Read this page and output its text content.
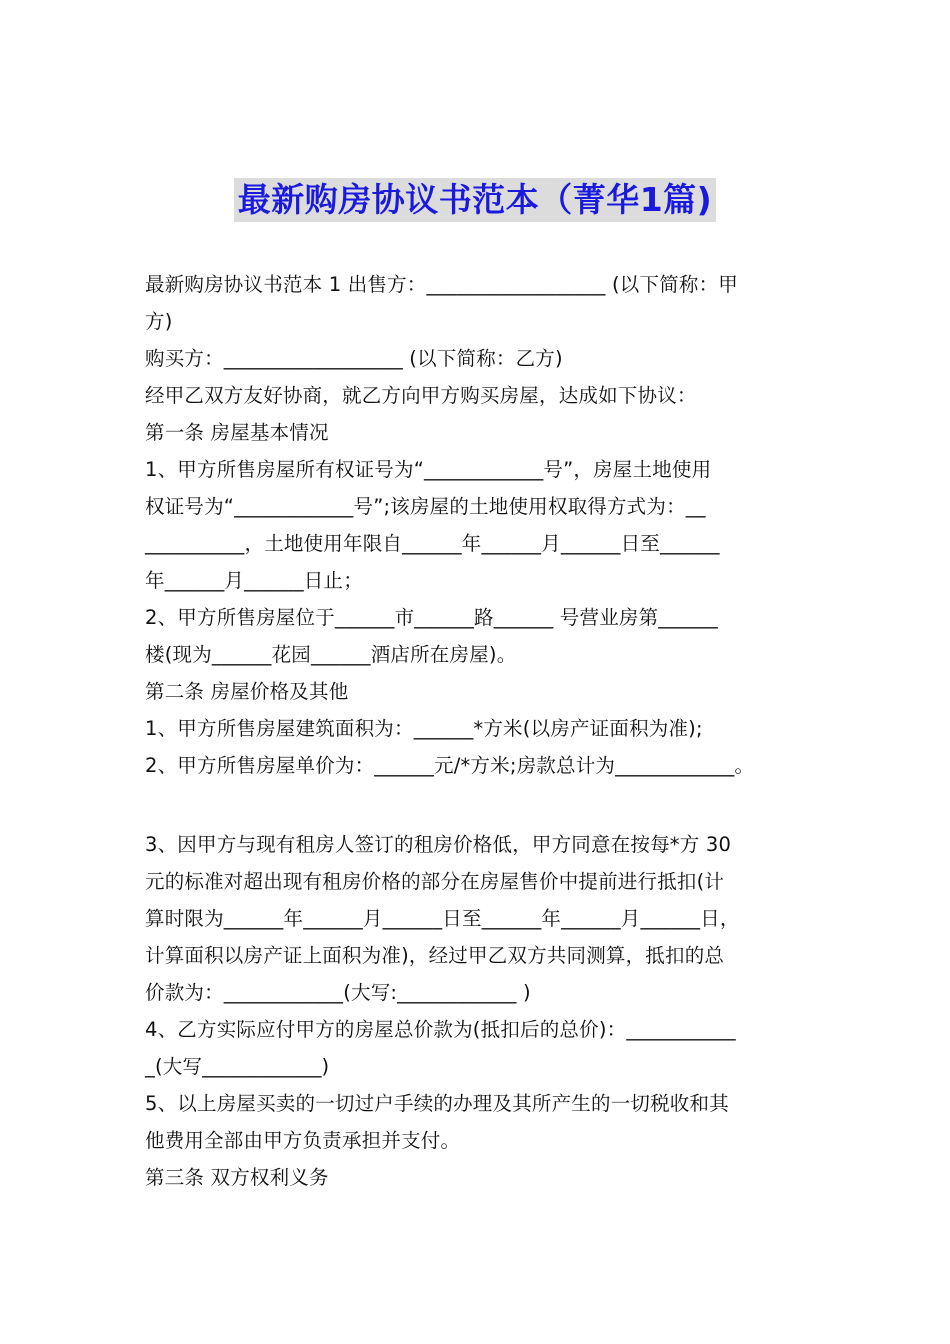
最新购房协议书范本（菁华1篇)
最新购房协议书范本 1 出售方：__________________ (以下简称：甲
方)
购买方：__________________ (以下简称：乙方)
经甲乙双方友好协商，就乙方向甲方购买房屋，达成如下协议：
第一条 房屋基本情况
1、甲方所售房屋所有权证号为“____________号”，房屋土地使用
权证号为“____________号”;该房屋的土地使用权取得方式为：__
__________，土地使用年限自______年______月______日至______
年______月______日止；
2、甲方所售房屋位于______市______路______ 号营业房第______
楼(现为______花园______酒店所在房屋)。
第二条 房屋价格及其他
1、甲方所售房屋建筑面积为：______*方米(以房产证面积为准);
2、甲方所售房屋单价为：______元/*方米;房款总计为____________。
3、因甲方与现有租房人签订的租房价格低，甲方同意在按每*方 30
元的标准对超出现有租房价格的部分在房屋售价中提前进行抵扣(计
算时限为______年______月______日至______年______月______日，
计算面积以房产证上面积为准)，经过甲乙双方共同测算，抵扣的总
价款为：____________(大写:____________ )
4、乙方实际应付甲方的房屋总价款为(抵扣后的总价)：___________
_(大写____________)
5、以上房屋买卖的一切过户手续的办理及其所产生的一切税收和其
他费用全部由甲方负责承担并支付。
第三条 双方权利义务
